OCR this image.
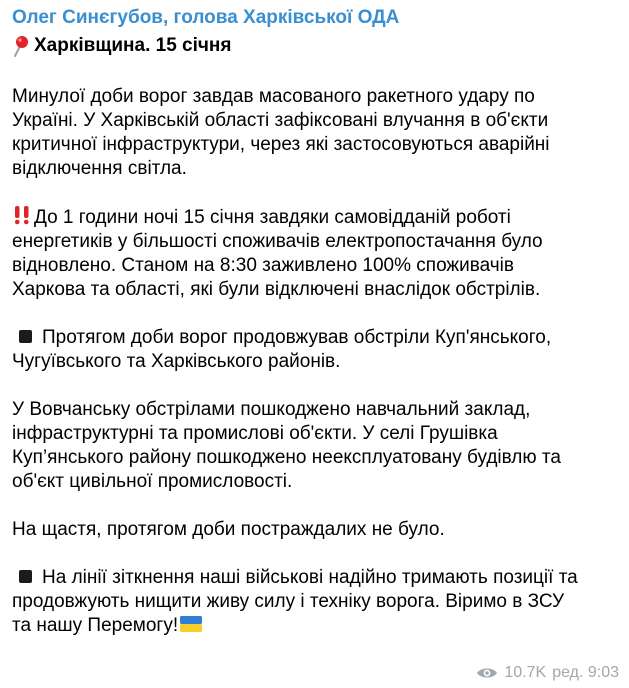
Олег Синєгубов, голова Харківської ОДА
Харківщина. 15 січня
Минулої доби ворог завдав масованого ракетного удару по
Україні. У Харківській області зафіксовані влучання в об'єкти
критичної інфраструктури, через які застосовуються аварійні
відключення світла.
До 1 години ночі 15 січня завдяки самовідданій роботі
енергетиків у більшості споживачів електропостачання було
відновлено. Станом на 8:30 заживлено 100% споживачів
Харкова та області, які були відключені внаслідок обстрілів.
Протягом доби ворог продовжував обстріли Куп'янського,
Чугуївського та Харківського районів.
У Вовчанську обстрілами пошкоджено навчальний заклад,
інфраструктурні та промислові об'єкти. У селі Грушівка
Куп’янського району пошкоджено неексплуатовану будівлю та
об'єкт цивільної промисловості.
На щастя, протягом доби постраждалих не було.
На лінії зіткнення наші військові надійно тримають позиції та
продовжують нищити живу силу і техніку ворога. Віримо в ЗСУ
та нашу Перемогу!
10.7K ред. 9:03
